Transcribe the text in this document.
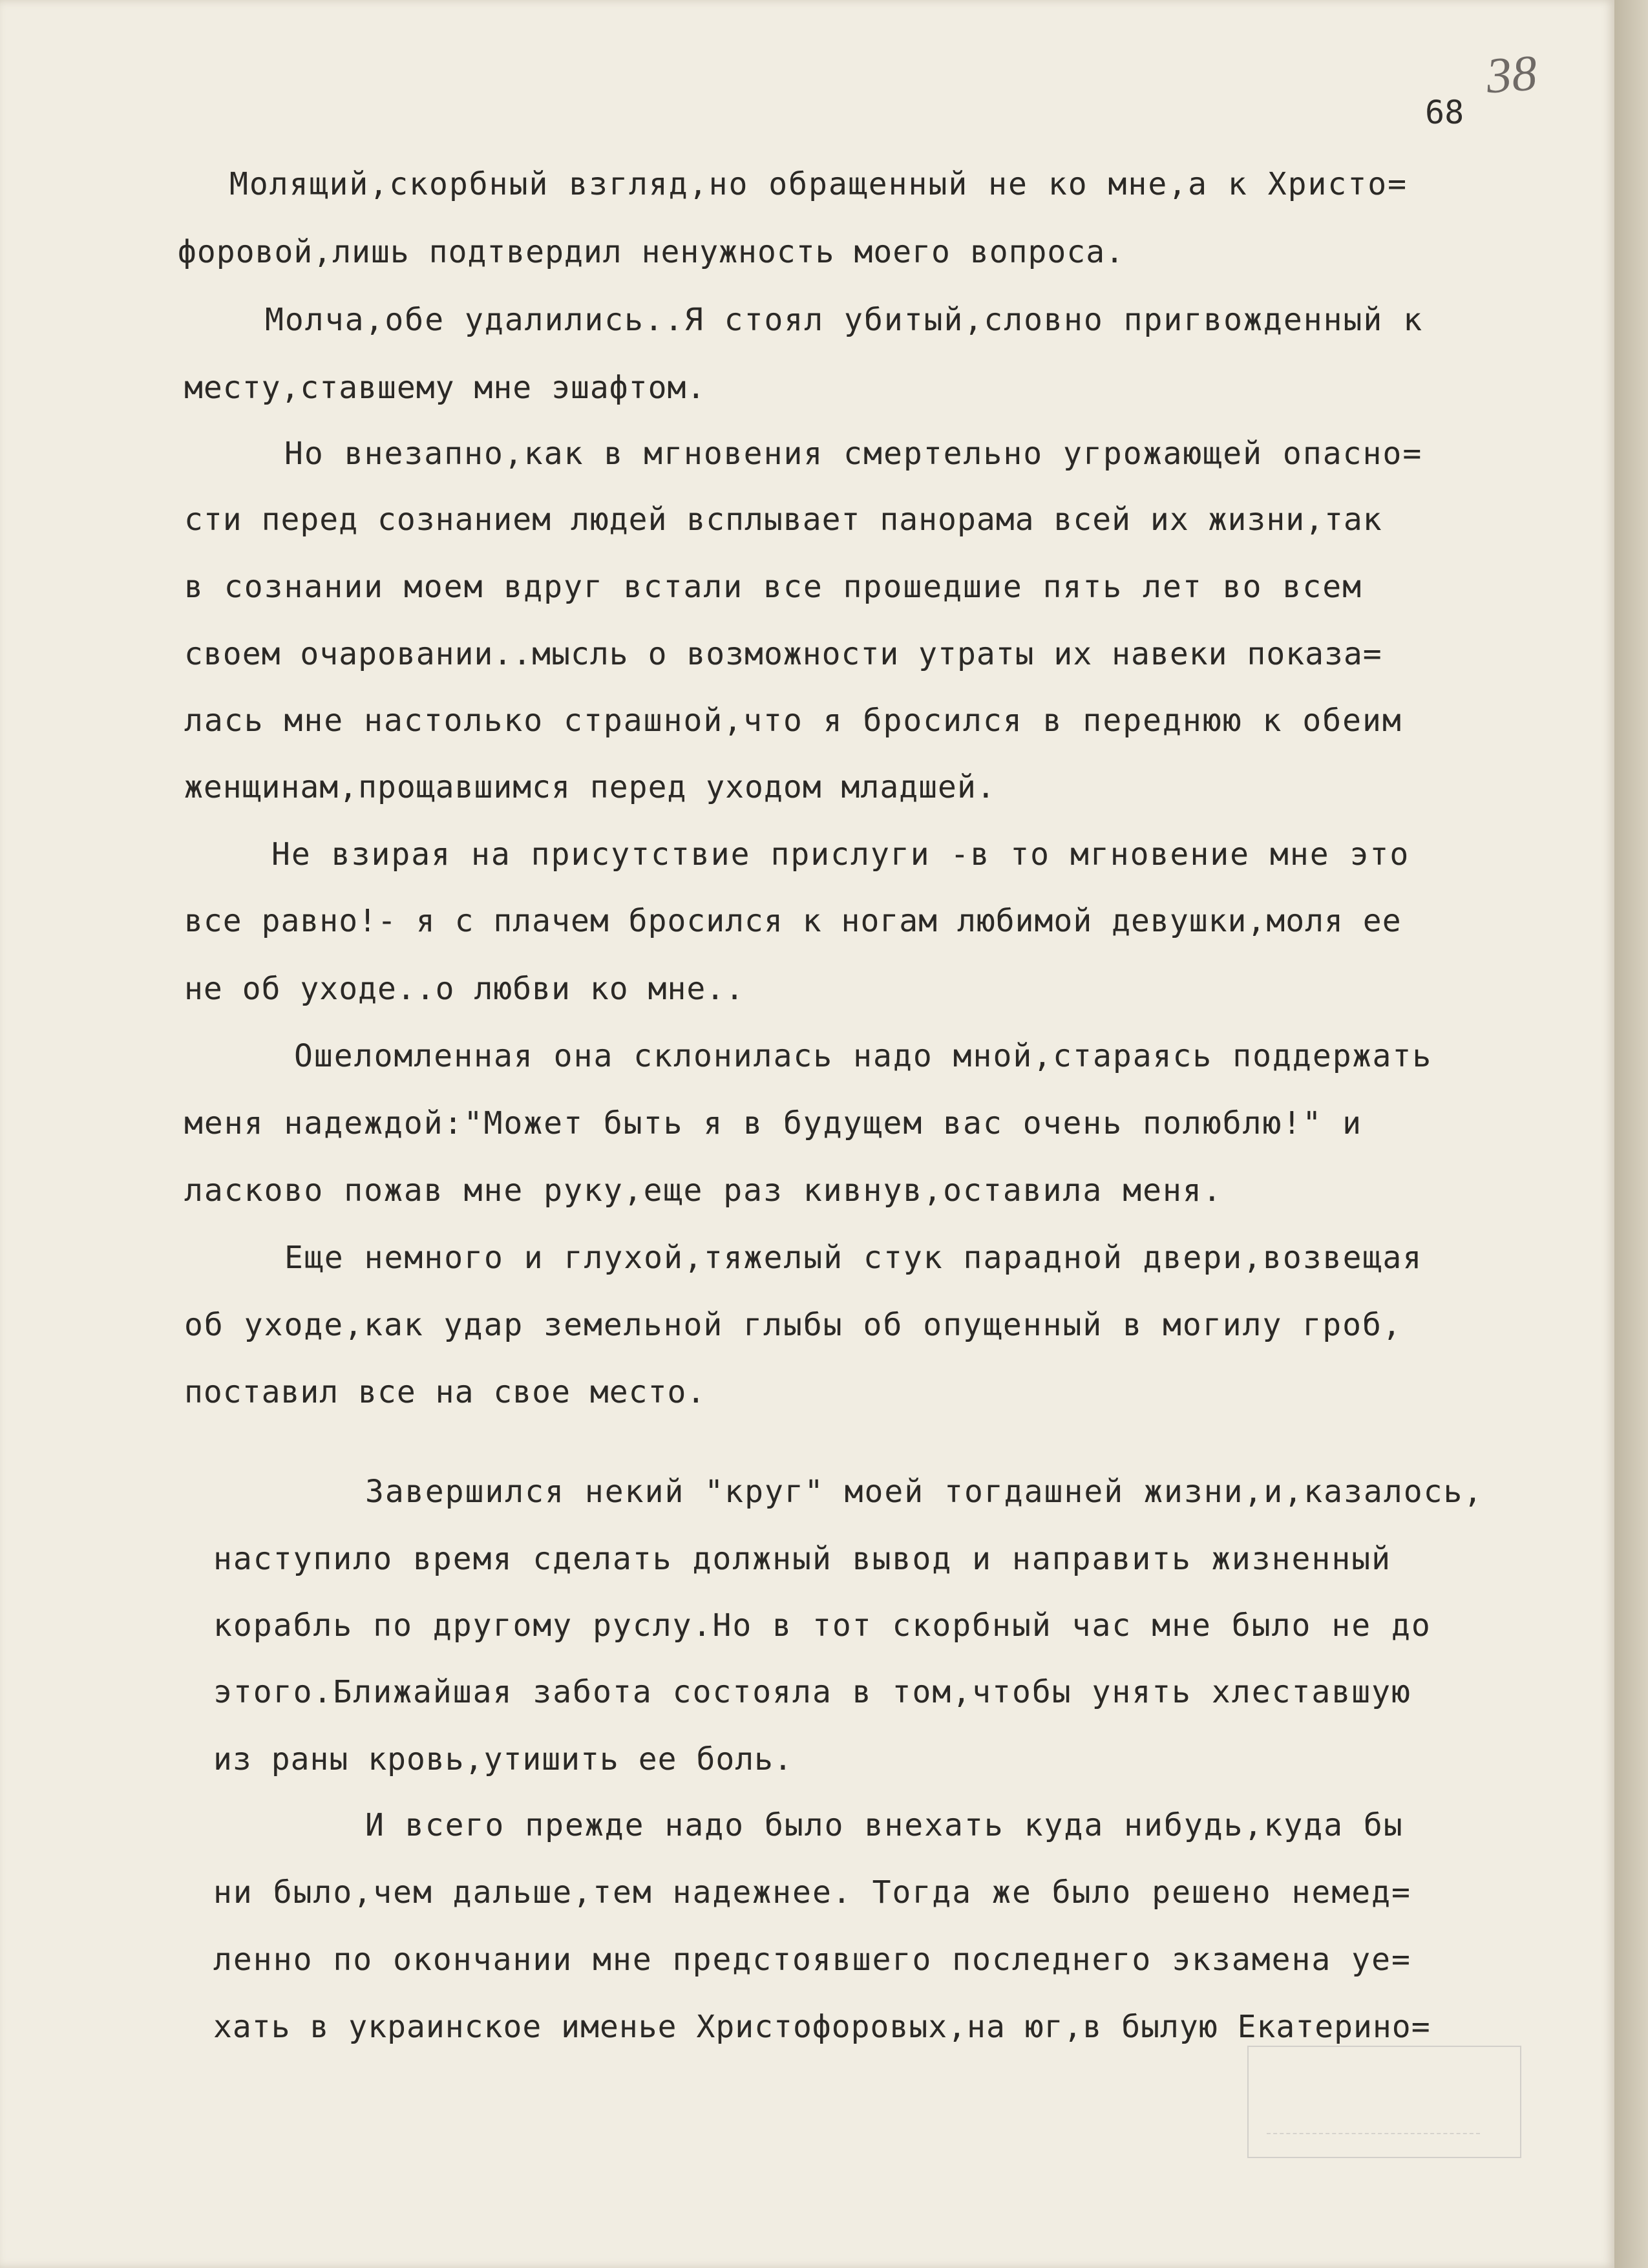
38
68
Молящий,скорбный взгляд,но обращенный не ко мне,а к Христо=
форовой,лишь подтвердил ненужность моего вопроса.
Молча,обе удалились..Я стоял убитый,словно пригвожденный к
месту,ставшему мне эшафтом.
Но внезапно,как в мгновения смертельно угрожающей опасно=
сти перед сознанием людей всплывает панорама всей их жизни,так
в сознании моем вдруг встали все прошедшие пять лет во всем
своем очаровании..мысль о возможности утраты их навеки показа=
лась мне настолько страшной,что я бросился в переднюю к обеим
женщинам,прощавшимся перед уходом младшей.
Не взирая на присутствие прислуги -в то мгновение мне это
все равно!- я с плачем бросился к ногам любимой девушки,моля ее
не об уходе..о любви ко мне..
Ошеломленная она склонилась надо мной,стараясь поддержать
меня надеждой:"Может быть я в будущем вас очень полюблю!" и
ласково пожав мне руку,еще раз кивнув,оставила меня.
Еще немного и глухой,тяжелый стук парадной двери,возвещая
об уходе,как удар земельной глыбы об опущенный в могилу гроб,
поставил все на свое место.
Завершился некий "круг" моей тогдашней жизни,и,казалось,
наступило время сделать должный вывод и направить жизненный
корабль по другому руслу.Но в тот скорбный час мне было не до
этого.Ближайшая забота состояла в том,чтобы унять хлеставшую
из раны кровь,утишить ее боль.
И всего прежде надо было внехать куда нибудь,куда бы
ни было,чем дальше,тем надежнее. Тогда же было решено немед=
ленно по окончании мне предстоявшего последнего экзамена уе=
хать в украинское именье Христофоровых,на юг,в былую Екатерино=
